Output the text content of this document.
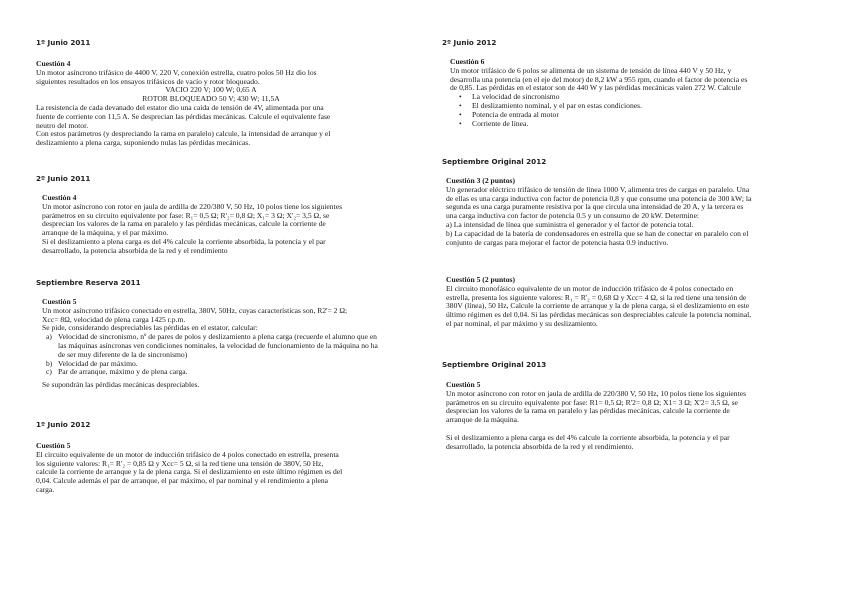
1º Junio 2011

Cuestión 4

Un motor asíncrono trifásico de 4400 V, 220 V, conexión estrella, cuatro polos 50 Hz dio los

siguientes resultados en los ensayos trifásicos de vacío y rotor bloqueado.

VACIO 220 V; 100 W; 0,65 A

ROTOR BLOQUEADO 50 V; 430 W; 11,5A

La resistencia de cada devanado del estator dio una caída de tensión de 4V, alimentada por una

fuente de corriente con 11,5 A. Se desprecian las pérdidas mecánicas. Calcule el equivalente fase

neutro del motor.

Con estos parámetros (y despreciando la rama en paralelo) calcule, la intensidad de arranque y el

deslizamiento a plena carga, suponiendo nulas las pérdidas mecánicas.

2º Junio 2011

Cuestión 4

Un motor asíncrono con rotor en jaula de ardilla de 220/380 V, 50 Hz, 10 polos tiene los siguientes

parámetros en su circuito equivalente por fase: R₁= 0,5 Ω; R'₂= 0,8 Ω; X₁= 3 Ω; X'₂= 3,5 Ω, se

desprecian los valores de la rama en paralelo y las pérdidas mecánicas, calcule la corriente de

arranque de la máquina, y el par máximo.

Si el deslizamiento a plena carga es del 4% calcule la corriente absorbida, la potencia y el par

desarrollado, la potencia absorbida de la red y el rendimiento

Septiembre Reserva 2011

Cuestión 5

Un motor asíncrono trifásico conectado en estrella, 380V, 50Hz, cuyas características son, R2'= 2 Ω;

Xcc= 8Ω, velocidad de plena carga 1425 r.p.m.

Se pide, considerando despreciables las pérdidas en el estator, calcular:

a) Velocidad de sincronismo, nº de pares de polos y deslizamiento a plena carga (recuerde el alumno que en las máquinas asíncronas ven condiciones nominales, la velocidad de funcionamiento de la máquina no ha de ser muy diferente de la de sincronismo)
b) Velocidad de par máximo.
c) Par de arranque, máximo y de plena carga.

Se supondrán las pérdidas mecánicas despreciables.

1º Junio 2012

Cuestión 5

El circuito equivalente de un motor de inducción trifásico de 4 polos conectado en estrella, presenta

los siguiente valores: R₁= R'₂ = 0,85 Ω y Xcc= 5 Ω, si la red tiene una tensión de 380V, 50 Hz,

calcule la corriente de arranque y la de plena carga. Si el deslizamiento en este último régimen es del

0,04. Calcule además el par de arranque, el par máximo, el par nominal y el rendimiento a plena

carga.

2º Junio 2012

Cuestión 6

Un motor trifásico de 6 polos se alimenta de un sistema de tensión de línea 440 V y 50 Hz, y

desarrolla una potencia (en el eje del motor) de 8,2 kW a 955 rpm, cuando el factor de potencia es

de 0,85. Las pérdidas en el estator son de 440 W y las pérdidas mecánicas valen 272 W. Calcule

• La velocidad de sincronismo
• El deslizamiento nominal, y el par en estas condiciones.
• Potencia de entrada al motor
• Corriente de línea.
Septiembre Original 2012

Cuestión 3 (2 puntos)

Un generador eléctrico trifásico de tensión de línea 1000 V, alimenta tres de cargas en paralelo. Una

de ellas es una carga inductiva con factor de potencia 0,8 y que consume una potencia de 300 kW; la

segunda es una carga puramente resistiva por la que circula una intensidad de 20 A, y la tercera es

una carga inductiva con factor de potencia 0.5 y un consumo de 20 kW. Determine:

a) La intensidad de línea que suministra el generador y el factor de potencia total.

b) La capacidad de la batería de condensadores en estrella que se han de conectar en paralelo con el

conjunto de cargas para mejorar el factor de potencia hasta 0.9 inductivo.

Cuestión 5 (2 puntos)

El circuito monofásico equivalente de un motor de inducción trifásico de 4 polos conectado en

estrella, presenta los siguiente valores: R₁ = R'₂ = 0,68 Ω y Xcc= 4 Ω, si la red tiene una tensión de

380V (línea), 50 Hz, Calcule la corriente de arranque y la de plena carga, si el deslizamiento en este

último régimen es del 0,04. Si las pérdidas mecánicas son despreciables calcule la potencia nominal,

el par nominal, el par máximo y su deslizamiento.

Septiembre Original 2013

Cuestión 5

Un motor asíncrono con rotor en jaula de ardilla de 220/380 V, 50 Hz, 10 polos tiene los siguientes

parámetros en su circuito equivalente por fase: R1= 0,5 Ω; R'2= 0,8 Ω; X1= 3 Ω; X'2= 3,5 Ω, se

desprecian los valores de la rama en paralelo y las pérdidas mecánicas, calcule la corriente de

arranque de la máquina.

Si el deslizamiento a plena carga es del 4% calcule la corriente absorbida, la potencia y el par

desarrollado, la potencia absorbida de la red y el rendimiento.
